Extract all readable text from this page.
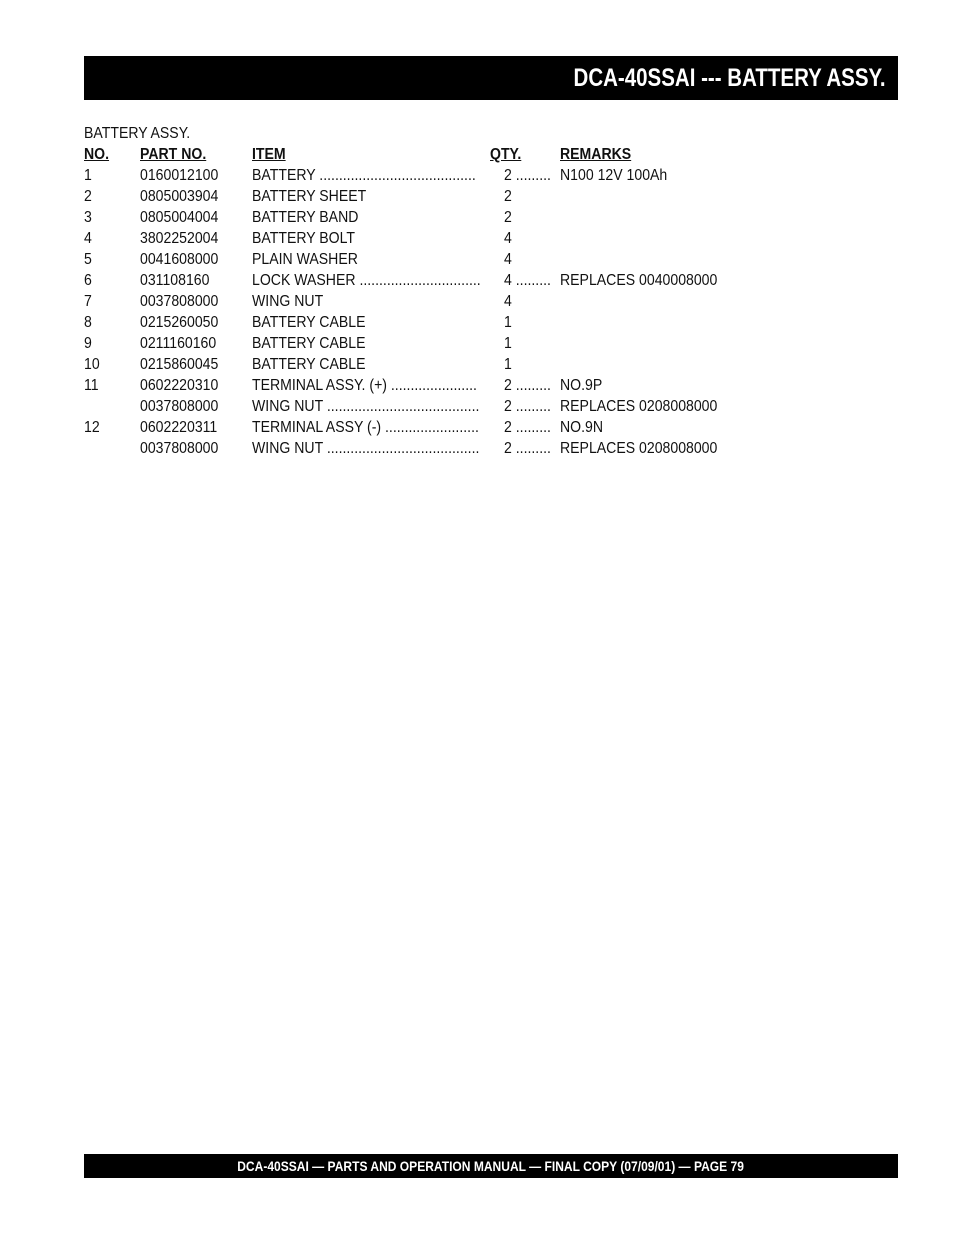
DCA-40SSAI --- BATTERY ASSY.
BATTERY ASSY.
NO. PART NO.	ITEM	QTY. REMARKS
1	0160012100 BATTERY ........................................ 2 ......... N100 12V 100Ah
2	0805003904 BATTERY SHEET	2
3	0805004004 BATTERY BAND	2
4	3802252004 BATTERY BOLT	4
5	0041608000 PLAIN WASHER	4
6	031108160	LOCK WASHER ............................... 4 ......... REPLACES 0040008000
7	0037808000 WING NUT	4
8	0215260050 BATTERY CABLE	1
9	0211160160 BATTERY CABLE	1
10	0215860045 BATTERY CABLE	1
11	0602220310 TERMINAL ASSY. (+) ...................... 2 ......... NO.9P
0037808000 WING NUT ....................................... 2 ......... REPLACES 0208008000
12	0602220311 TERMINAL ASSY (-) ........................ 2 ......... NO.9N
0037808000 WING NUT ....................................... 2 ......... REPLACES 0208008000
DCA-40SSAI — PARTS AND OPERATION MANUAL — FINAL COPY (07/09/01) — PAGE 79
